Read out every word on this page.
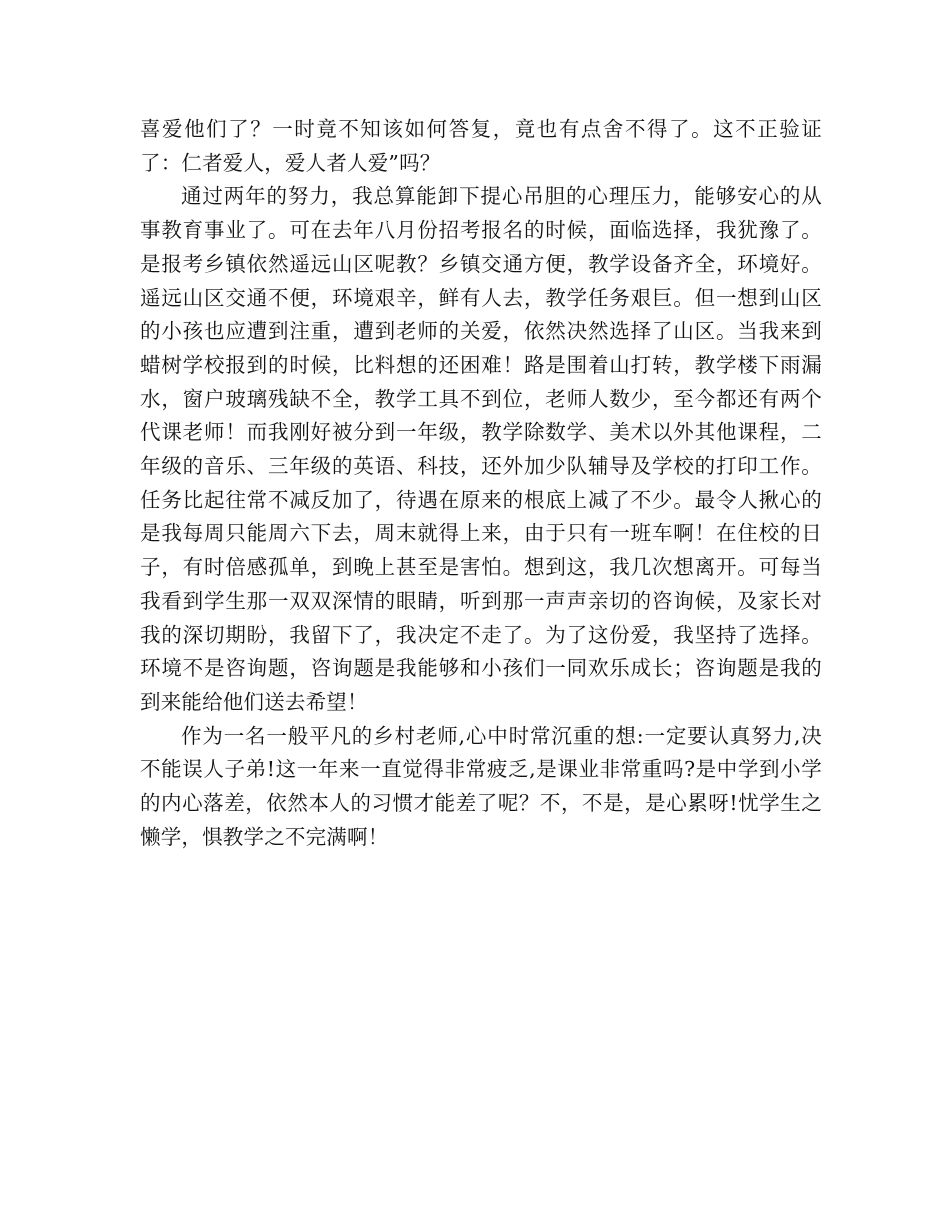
喜爱他们了？一时竟不知该如何答复，竟也有点舍不得了。这不正验证了：仁者爱人，爱人者人爱”吗？

通过两年的努力，我总算能卸下提心吊胆的心理压力，能够安心的从事教育事业了。可在去年八月份招考报名的时候，面临选择，我犹豫了。是报考乡镇依然遥远山区呢教？乡镇交通方便，教学设备齐全，环境好。遥远山区交通不便，环境艰辛，鲜有人去，教学任务艰巨。但一想到山区的小孩也应遭到注重，遭到老师的关爱，依然决然选择了山区。当我来到蜡树学校报到的时候，比料想的还困难！路是围着山打转，教学楼下雨漏水，窗户玻璃残缺不全，教学工具不到位，老师人数少，至今都还有两个代课老师！而我刚好被分到一年级，教学除数学、美术以外其他课程，二年级的音乐、三年级的英语、科技，还外加少队辅导及学校的打印工作。任务比起往常不减反加了，待遇在原来的根底上减了不少。最令人揪心的是我每周只能周六下去，周末就得上来，由于只有一班车啊！在住校的日子，有时倍感孤单，到晚上甚至是害怕。想到这，我几次想离开。可每当我看到学生那一双双深情的眼睛，听到那一声声亲切的咨询候，及家长对我的深切期盼，我留下了，我决定不走了。为了这份爱，我坚持了选择。环境不是咨询题，咨询题是我能够和小孩们一同欢乐成长；咨询题是我的到来能给他们送去希望！

作为一名一般平凡的乡村老师,心中时常沉重的想:一定要认真努力,决不能误人子弟!这一年来一直觉得非常疲乏,是课业非常重吗?是中学到小学的内心落差，依然本人的习惯才能差了呢？不，不是，是心累呀!忧学生之懒学，惧教学之不完满啊！
